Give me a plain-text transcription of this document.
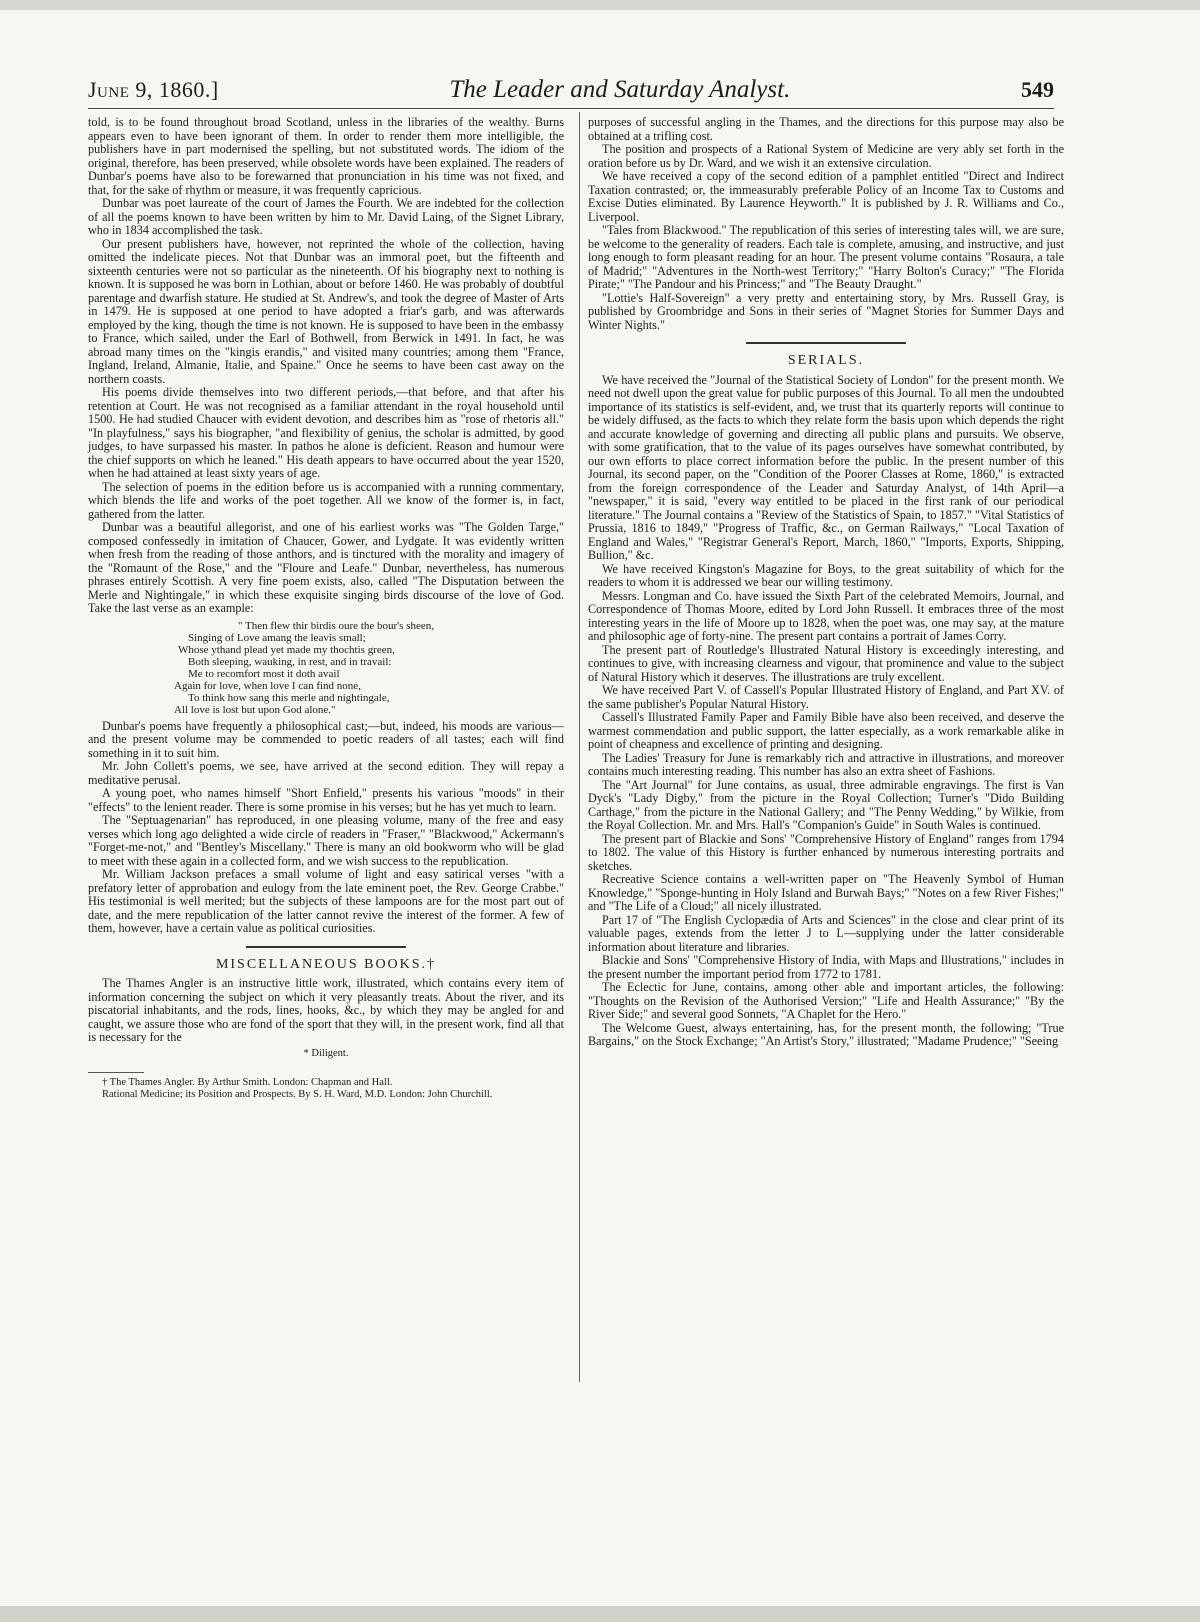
June 9, 1860.]	The Leader and Saturday Analyst.	549

told, is to be found throughout broad Scotland, unless in the libraries of the wealthy. Burns appears even to have been ignorant of them. In order to render them more intelligible, the publishers have in part modernised the spelling, but not substituted words. The idiom of the original, therefore, has been preserved, while obsolete words have been explained. The readers of Dunbar's poems have also to be forewarned that pronunciation in his time was not fixed, and that, for the sake of rhythm or measure, it was frequently capricious.

Dunbar was poet laureate of the court of James the Fourth. We are indebted for the collection of all the poems known to have been written by him to Mr. David Laing, of the Signet Library, who in 1834 accomplished the task.

Our present publishers have, however, not reprinted the whole of the collection, having omitted the indelicate pieces. Not that Dunbar was an immoral poet, but the fifteenth and sixteenth centuries were not so particular as the nineteenth. Of his biography next to nothing is known. It is supposed he was born in Lothian, about or before 1460. He was probably of doubtful parentage and dwarfish stature. He studied at St. Andrew's, and took the degree of Master of Arts in 1479. He is supposed at one period to have adopted a friar's garb, and was afterwards employed by the king, though the time is not known. He is supposed to have been in the embassy to France, which sailed, under the Earl of Bothwell, from Berwick in 1491. In fact, he was abroad many times on the "kingis erandis," and visited many countries; among them "France, Ingland, Ireland, Almanie, Italie, and Spaine." Once he seems to have been cast away on the northern coasts.

His poems divide themselves into two different periods,—that before, and that after his retention at Court. He was not recognised as a familiar attendant in the royal household until 1500. He had studied Chaucer with evident devotion, and describes him as "rose of rhetoris all." "In playfulness," says his biographer, "and flexibility of genius, the scholar is admitted, by good judges, to have surpassed his master. In pathos he alone is deficient. Reason and humour were the chief supports on which he leaned." His death appears to have occurred about the year 1520, when he had attained at least sixty years of age.

The selection of poems in the edition before us is accompanied with a running commentary, which blends the life and works of the poet together. All we know of the former is, in fact, gathered from the latter.

Dunbar was a beautiful allegorist, and one of his earliest works was "The Golden Targe," composed confessedly in imitation of Chaucer, Gower, and Lydgate. It was evidently written when fresh from the reading of those anthors, and is tinctured with the morality and imagery of the "Romaunt of the Rose," and the "Floure and Leafe." Dunbar, nevertheless, has numerous phrases entirely Scottish. A very fine poem exists, also, called "The Disputation between the Merle and Nightingale," in which these exquisite singing birds discourse of the love of God. Take the last verse as an example:

" Then flew thir birdis oure the bour's sheen,
Singing of Love amang the leavis small;
Whose ythand plead yet made my thochtis green,
Both sleeping, wauking, in rest, and in travail:
Me to recomfort most it doth avail
Again for love, when love I can find none,
To think how sang this merle and nightingale,
All love is lost but upon God alone."

Dunbar's poems have frequently a philosophical cast;—but, indeed, his moods are various—and the present volume may be commended to poetic readers of all tastes; each will find something in it to suit him.

Mr. John Collett's poems, we see, have arrived at the second edition. They will repay a meditative perusal.

A young poet, who names himself "Short Enfield," presents his various "moods" in their "effects" to the lenient reader. There is some promise in his verses; but he has yet much to learn.

The "Septuagenarian" has reproduced, in one pleasing volume, many of the free and easy verses which long ago delighted a wide circle of readers in "Fraser," "Blackwood," Ackermann's "Forget-me-not," and "Bentley's Miscellany." There is many an old bookworm who will be glad to meet with these again in a collected form, and we wish success to the republication.

Mr. William Jackson prefaces a small volume of light and easy satirical verses "with a prefatory letter of approbation and eulogy from the late eminent poet, the Rev. George Crabbe." His testimonial is well merited; but the subjects of these lampoons are for the most part out of date, and the mere republication of the latter cannot revive the interest of the former. A few of them, however, have a certain value as political curiosities.

MISCELLANEOUS BOOKS.†

The Thames Angler is an instructive little work, illustrated, which contains every item of information concerning the subject on which it very pleasantly treats. About the river, and its piscatorial inhabitants, and the rods, lines, hooks, &c., by which they may be angled for and caught, we assure those who are fond of the sport that they will, in the present work, find all that is necessary for the

* Diligent.

† The Thames Angler. By Arthur Smith. London: Chapman and Hall.

Rational Medicine; its Position and Prospects. By S. H. Ward, M.D. London: John Churchill.

purposes of successful angling in the Thames, and the directions for this purpose may also be obtained at a trifling cost.

The position and prospects of a Rational System of Medicine are very ably set forth in the oration before us by Dr. Ward, and we wish it an extensive circulation.

We have received a copy of the second edition of a pamphlet entitled "Direct and Indirect Taxation contrasted; or, the immeasurably preferable Policy of an Income Tax to Customs and Excise Duties eliminated. By Laurence Heyworth." It is published by J. R. Williams and Co., Liverpool.

"Tales from Blackwood." The republication of this series of interesting tales will, we are sure, be welcome to the generality of readers. Each tale is complete, amusing, and instructive, and just long enough to form pleasant reading for an hour. The present volume contains "Rosaura, a tale of Madrid;" "Adventures in the North-west Territory;" "Harry Bolton's Curacy;" "The Florida Pirate;" "The Pandour and his Princess;" and "The Beauty Draught."

"Lottie's Half-Sovereign" a very pretty and entertaining story, by Mrs. Russell Gray, is published by Groombridge and Sons in their series of "Magnet Stories for Summer Days and Winter Nights."

SERIALS.

We have received the "Journal of the Statistical Society of London" for the present month. We need not dwell upon the great value for public purposes of this Journal. To all men the undoubted importance of its statistics is self-evident, and, we trust that its quarterly reports will continue to be widely diffused, as the facts to which they relate form the basis upon which depends the right and accurate knowledge of governing and directing all public plans and pursuits. We observe, with some gratification, that to the value of its pages ourselves have somewhat contributed, by our own efforts to place correct information before the public. In the present number of this Journal, its second paper, on the "Condition of the Poorer Classes at Rome, 1860," is extracted from the foreign correspondence of the Leader and Saturday Analyst, of 14th April—a "newspaper," it is said, "every way entitled to be placed in the first rank of our periodical literature." The Journal contains a "Review of the Statistics of Spain, to 1857." "Vital Statistics of Prussia, 1816 to 1849," "Progress of Traffic, &c., on German Railways," "Local Taxation of England and Wales," "Registrar General's Report, March, 1860," "Imports, Exports, Shipping, Bullion," &c.

We have received Kingston's Magazine for Boys, to the great suitability of which for the readers to whom it is addressed we bear our willing testimony.

Messrs. Longman and Co. have issued the Sixth Part of the celebrated Memoirs, Journal, and Correspondence of Thomas Moore, edited by Lord John Russell. It embraces three of the most interesting years in the life of Moore up to 1828, when the poet was, one may say, at the mature and philosophic age of forty-nine. The present part contains a portrait of James Corry.

The present part of Routledge's Illustrated Natural History is exceedingly interesting, and continues to give, with increasing clearness and vigour, that prominence and value to the subject of Natural History which it deserves. The illustrations are truly excellent.

We have received Part V. of Cassell's Popular Illustrated History of England, and Part XV. of the same publisher's Popular Natural History.

Cassell's Illustrated Family Paper and Family Bible have also been received, and deserve the warmest commendation and public support, the latter especially, as a work remarkable alike in point of cheapness and excellence of printing and designing.

The Ladies' Treasury for June is remarkably rich and attractive in illustrations, and moreover contains much interesting reading. This number has also an extra sheet of Fashions.

The "Art Journal" for June contains, as usual, three admirable engravings. The first is Van Dyck's "Lady Digby," from the picture in the Royal Collection; Turner's "Dido Building Carthage," from the picture in the National Gallery; and "The Penny Wedding," by Wilkie, from the Royal Collection. Mr. and Mrs. Hall's "Companion's Guide" in South Wales is continued.

The present part of Blackie and Sons' "Comprehensive History of England" ranges from 1794 to 1802. The value of this History is further enhanced by numerous interesting portraits and sketches.

Recreative Science contains a well-written paper on "The Heavenly Symbol of Human Knowledge," "Sponge-hunting in Holy Island and Burwah Bays;" "Notes on a few River Fishes;" and "The Life of a Cloud;" all nicely illustrated.

Part 17 of "The English Cyclopædia of Arts and Sciences" in the close and clear print of its valuable pages, extends from the letter J to L—supplying under the latter considerable information about literature and libraries.

Blackie and Sons' "Comprehensive History of India, with Maps and Illustrations," includes in the present number the important period from 1772 to 1781.

The Eclectic for June, contains, among other able and important articles, the following: "Thoughts on the Revision of the Authorised Version;" "Life and Health Assurance;" "By the River Side;" and several good Sonnets, "A Chaplet for the Hero."

The Welcome Guest, always entertaining, has, for the present month, the following; "True Bargains," on the Stock Exchange; "An Artist's Story," illustrated; "Madame Prudence;" "Seeing
